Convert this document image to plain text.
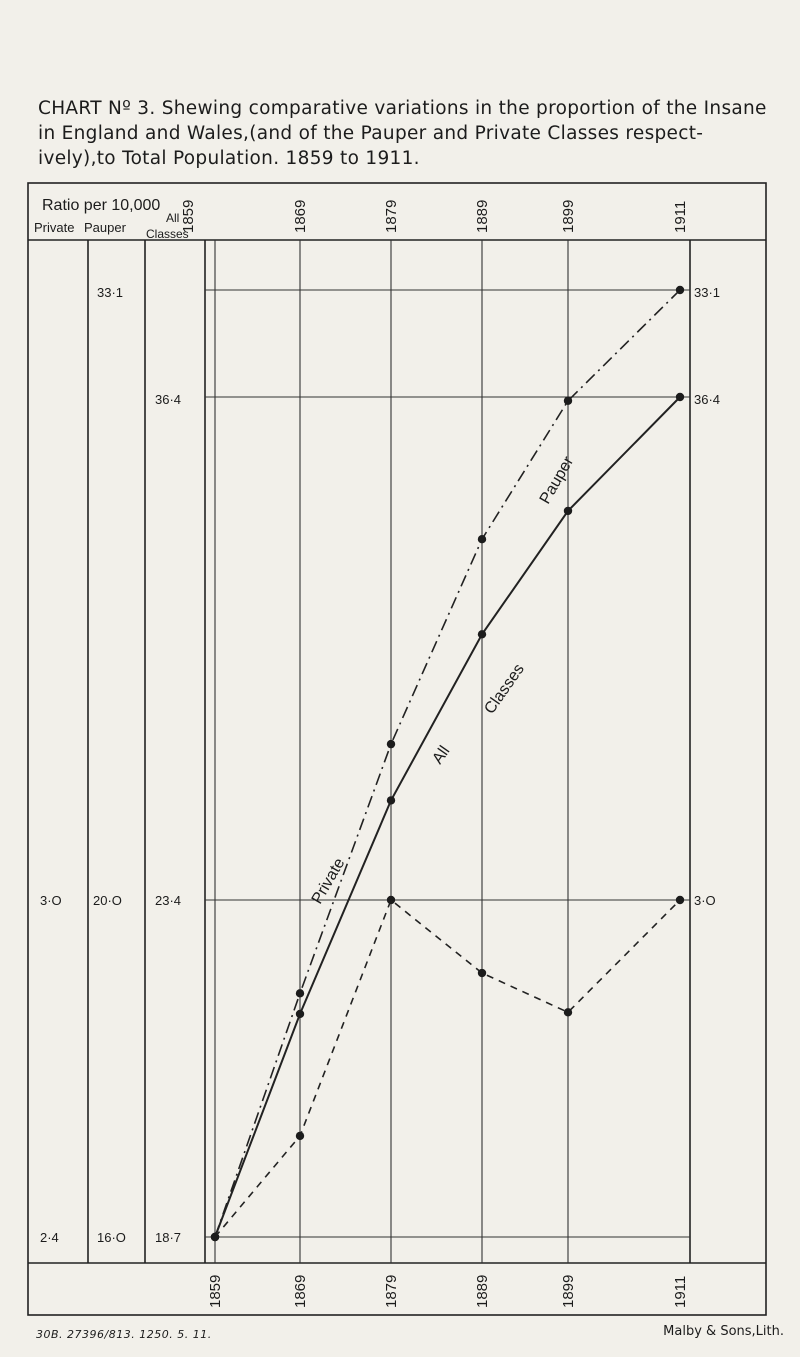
CHART Nº 3. Shewing comparative variations in the proportion of the Insane
in England and Wales,(and of the Pauper and Private Classes respect-
ively),to Total Population. 1859 to 1911.
Ratio per 10,000
Private Pauper
All
Classes
1859
1869
1869
1879
1879
1889
1889
1899
1899
1911
1911
1859
3·O
2·4
33·1
20·O
16·O
36·4
23·4
18·7
33·1
36·4
3·O
Pauper
Classes
All
Private
30B. 27396/813. 1250. 5. 11.	Malby & Sons,Lith.
